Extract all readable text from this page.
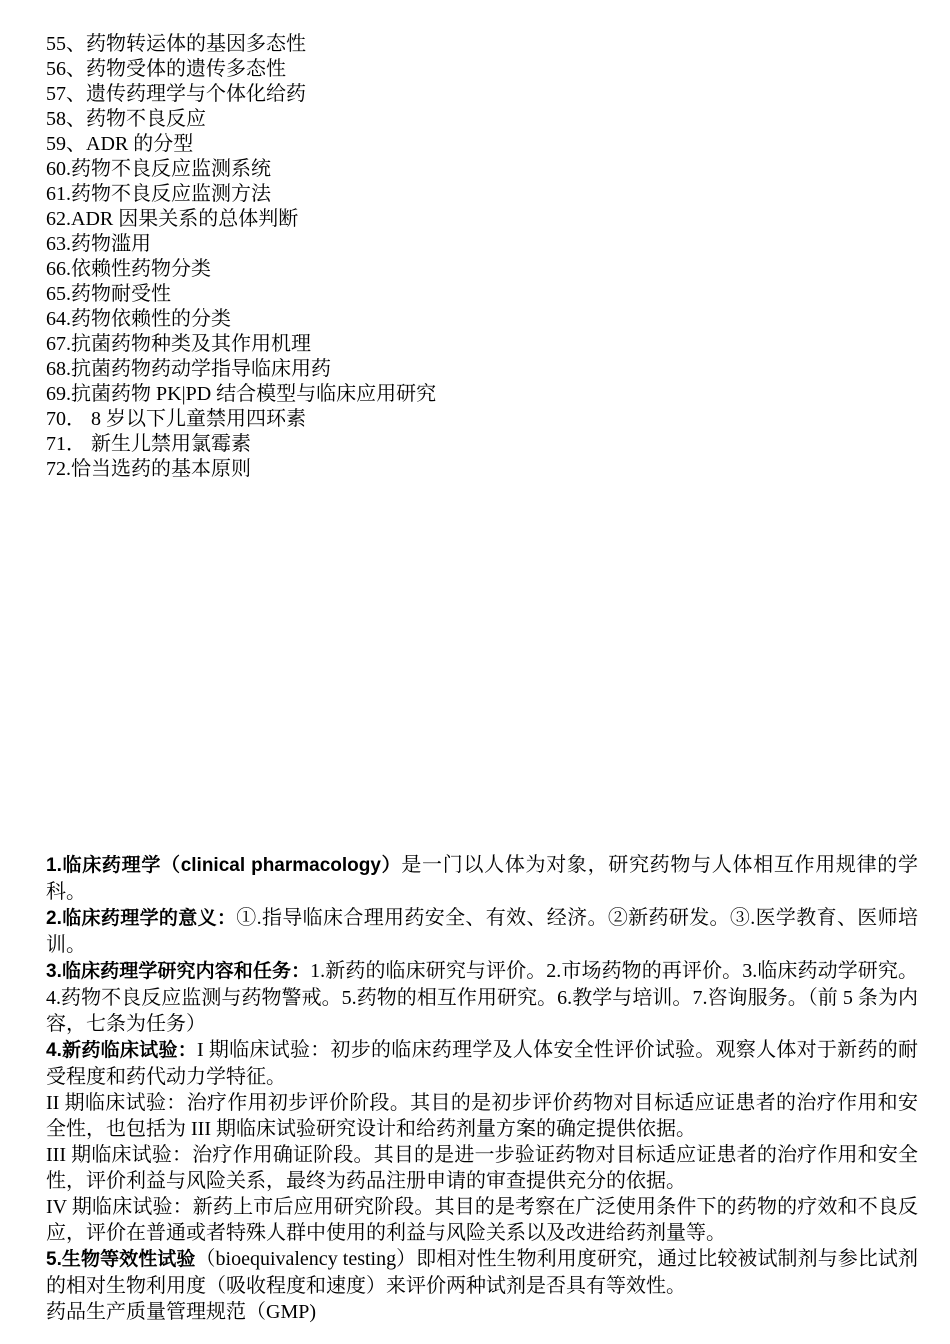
55、药物转运体的基因多态性
56、药物受体的遗传多态性
57、遗传药理学与个体化给药
58、药物不良反应
59、ADR 的分型
60.药物不良反应监测系统
61.药物不良反应监测方法
62.ADR 因果关系的总体判断
63.药物滥用
66.依赖性药物分类
65.药物耐受性
64.药物依赖性的分类
67.抗菌药物种类及其作用机理
68.抗菌药物药动学指导临床用药
69.抗菌药物 PK|PD 结合模型与临床应用研究
70． 8 岁以下儿童禁用四环素
71． 新生儿禁用氯霉素
72.恰当选药的基本原则

1.临床药理学（clinical pharmacology）是一门以人体为对象，研究药物与人体相互作用规律的学科。

2.临床药理学的意义：①.指导临床合理用药安全、有效、经济。②新药研发。③.医学教育、医师培训。

3.临床药理学研究内容和任务：1.新药的临床研究与评价。2.市场药物的再评价。3.临床药动学研究。4.药物不良反应监测与药物警戒。5.药物的相互作用研究。6.教学与培训。7.咨询服务。（前 5 条为内容，七条为任务）

4.新药临床试验：I 期临床试验：初步的临床药理学及人体安全性评价试验。观察人体对于新药的耐受程度和药代动力学特征。

II 期临床试验：治疗作用初步评价阶段。其目的是初步评价药物对目标适应证患者的治疗作用和安全性，也包括为 III 期临床试验研究设计和给药剂量方案的确定提供依据。

III 期临床试验：治疗作用确证阶段。其目的是进一步验证药物对目标适应证患者的治疗作用和安全性，评价利益与风险关系，最终为药品注册申请的审查提供充分的依据。

IV 期临床试验：新药上市后应用研究阶段。其目的是考察在广泛使用条件下的药物的疗效和不良反应，评价在普通或者特殊人群中使用的利益与风险关系以及改进给药剂量等。

5.生物等效性试验（bioequivalency testing）即相对性生物利用度研究，通过比较被试制剂与参比试剂的相对生物利用度（吸收程度和速度）来评价两种试剂是否具有等效性。

药品生产质量管理规范（GMP)
